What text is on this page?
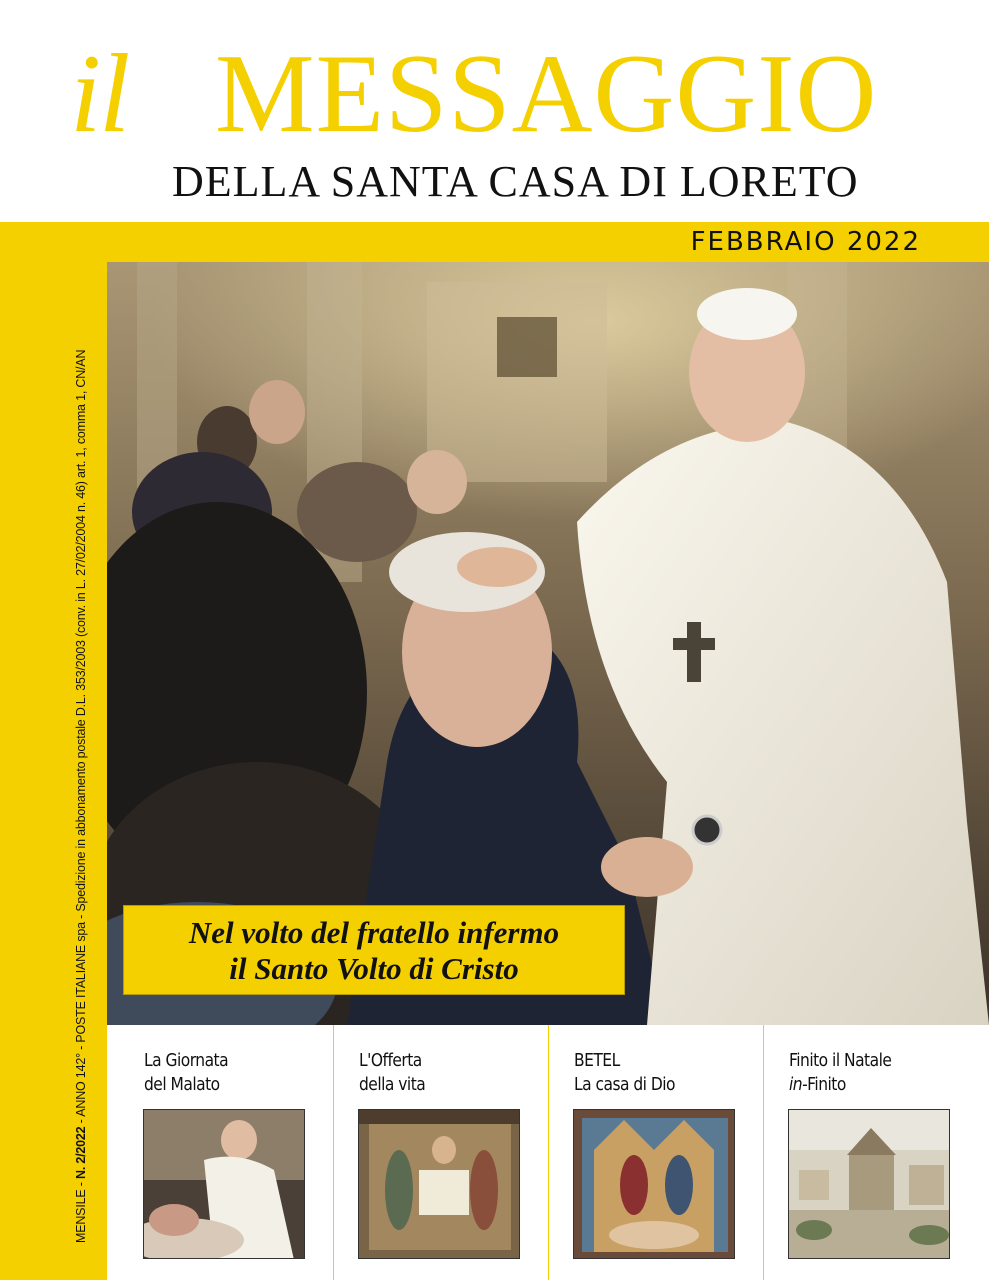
il MESSAGGIO
DELLA SANTA CASA DI LORETO
FEBBRAIO 2022
MENSILE - N. 2/2022 - ANNO 142° - POSTE ITALIANE spa - Spedizione in abbonamento postale D.L. 353/2003 (conv. in L. 27/02/2004 n. 46) art. 1, comma 1, CN/AN	Nel volto del fratello infermo
il Santo Volto di Cristo
La Giornata
del Malato
L'Offerta
della vita
BETEL
La casa di Dio
Finito il Natale
in-Finito
